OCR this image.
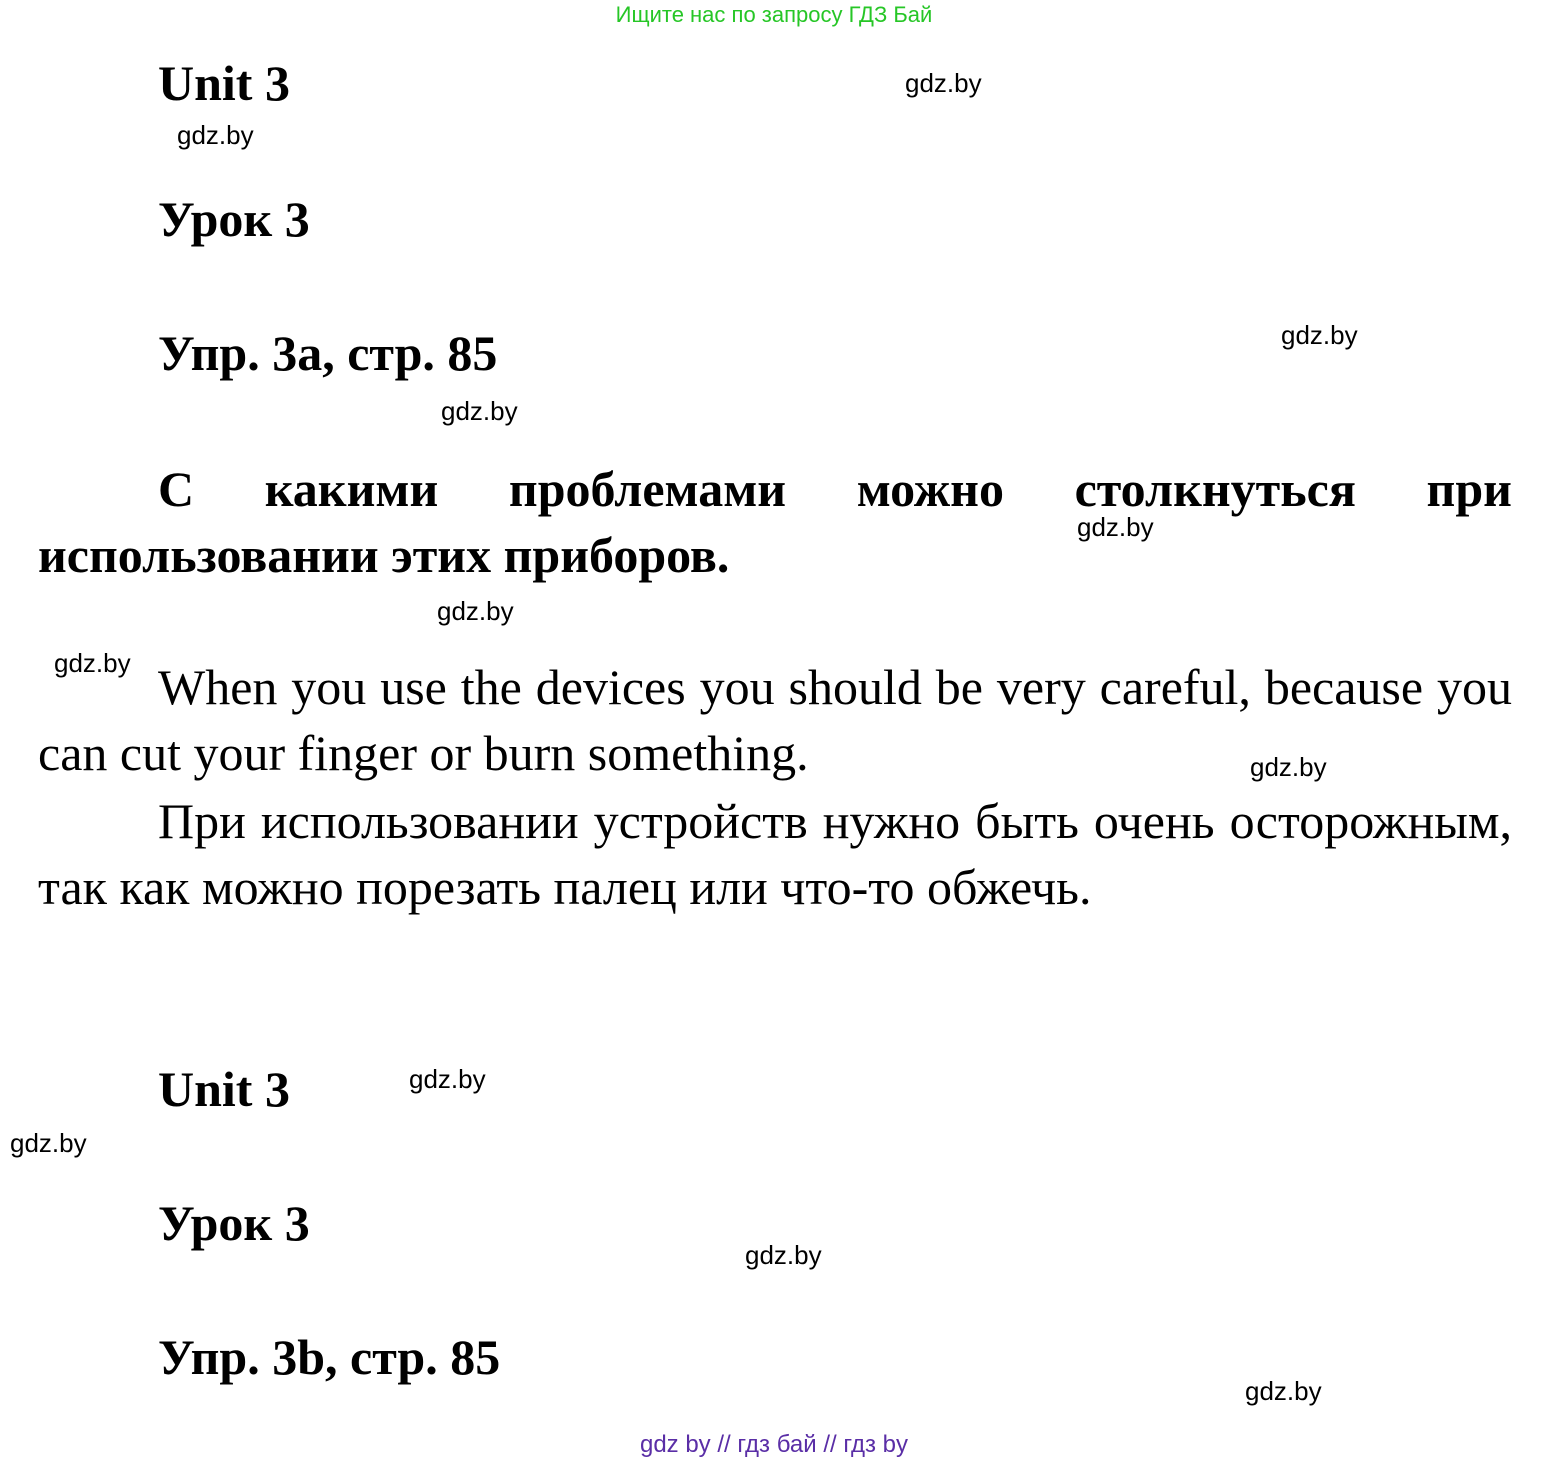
Ищите нас по запросу ГДЗ Бай
Unit 3
Урок 3
Упр. 3а, стр. 85

С какими проблемами можно столкнуться при использовании этих приборов.

When you use the devices you should be very careful, because you can cut your finger or burn something.

При использовании устройств нужно быть очень осторожным, так как можно порезать палец или что-то обжечь.

Unit 3
Урок 3
Упр. 3b, стр. 85
gdz.by
gdz.by
gdz.by
gdz.by
gdz.by
gdz.by
gdz.by
gdz.by
gdz.by
gdz.by
gdz.by
gdz.by
gdz by // гдз бай // гдз by
